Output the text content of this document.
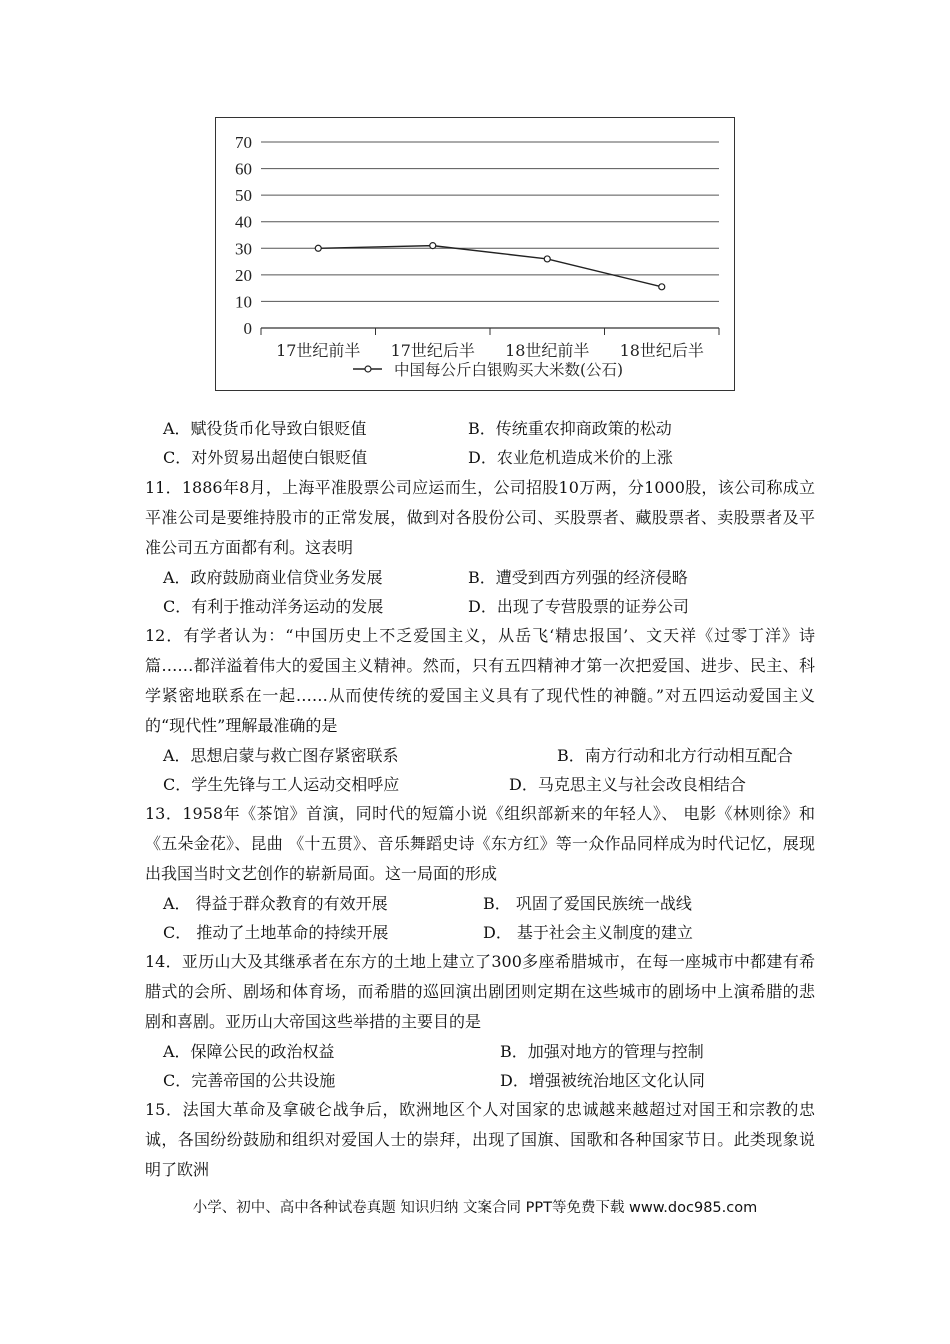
0
10
20
30
40
50
60
70
17世纪前半 17世纪后半 18世纪前半 18世纪后半
中国每公斤白银购买大米数(公石)
A．赋役货币化导致白银贬值	B．传统重农抑商政策的松动
C．对外贸易出超使白银贬值	D．农业危机造成米价的上涨

11．1886年8月，上海平准股票公司应运而生，公司招股10万两，分1000股，该公司称成立平准公司是要维持股市的正常发展，做到对各股份公司、买股票者、藏股票者、卖股票者及平准公司五方面都有利。这表明

A．政府鼓励商业信贷业务发展	B．遭受到西方列强的经济侵略
C．有利于推动洋务运动的发展	D．出现了专营股票的证券公司

12．有学者认为：“中国历史上不乏爱国主义，从岳飞‘精忠报国’、文天祥《过零丁洋》诗篇……都洋溢着伟大的爱国主义精神。然而，只有五四精神才第一次把爱国、进步、民主、科学紧密地联系在一起……从而使传统的爱国主义具有了现代性的神髓。”对五四运动爱国主义的“现代性”理解最准确的是

A．思想启蒙与救亡图存紧密联系	B．南方行动和北方行动相互配合
C．学生先锋与工人运动交相呼应	D．马克思主义与社会改良相结合

13．1958年《茶馆》首演，同时代的短篇小说《组织部新来的年轻人》、 电影《林则徐》和《五朵金花》、昆曲 《十五贯》、音乐舞蹈史诗《东方红》等一众作品同样成为时代记忆，展现出我国当时文艺创作的崭新局面。这一局面的形成

A． 得益于群众教育的有效开展	B． 巩固了爱国民族统一战线
C． 推动了土地革命的持续开展	D． 基于社会主义制度的建立

14．亚历山大及其继承者在东方的土地上建立了300多座希腊城市，在每一座城市中都建有希腊式的会所、剧场和体育场，而希腊的巡回演出剧团则定期在这些城市的剧场中上演希腊的悲剧和喜剧。亚历山大帝国这些举措的主要目的是

A．保障公民的政治权益	B．加强对地方的管理与控制
C．完善帝国的公共设施	D．增强被统治地区文化认同

15．法国大革命及拿破仑战争后，欧洲地区个人对国家的忠诚越来越超过对国王和宗教的忠诚，各国纷纷鼓励和组织对爱国人士的崇拜，出现了国旗、国歌和各种国家节日。此类现象说明了欧洲

小学、初中、高中各种试卷真题 知识归纳 文案合同 PPT等免费下载 www.doc985.com
